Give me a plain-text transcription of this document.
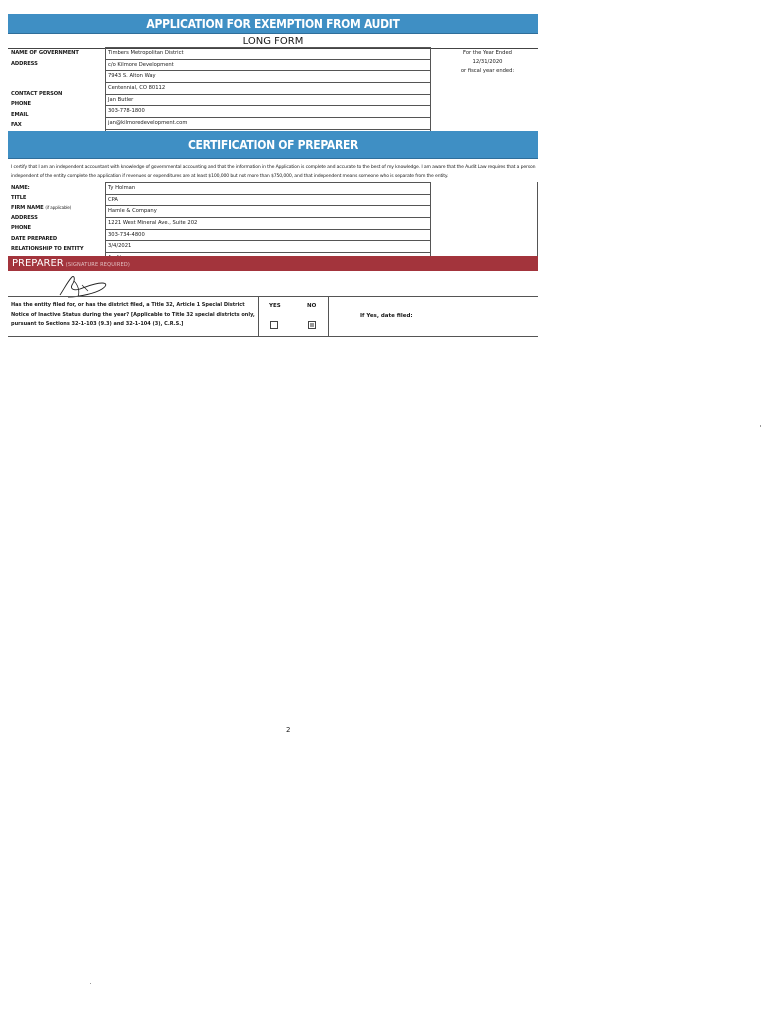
APPLICATION FOR EXEMPTION FROM AUDIT
LONG FORM
NAME OF GOVERNMENT
ADDRESS
CONTACT PERSON
PHONE
EMAIL
FAX
Timbers Metropolitan District
c/o Kilmore Development
7943 S. Alton Way
Centennial, CO 80112
Jan Butler
303-778-1800
jan@kilmoredevelopment.com
For the Year Ended
12/31/2020
or fiscal year ended:
CERTIFICATION OF PREPARER
I certify that I am an independent accountant with knowledge of governmental accounting and that the information in the Application is complete and accurate to the best of my knowledge. I am aware that the Audit Law requires that a person independent of the entity complete the application if revenues or expenditures are at least $100,000 but not more than $750,000, and that independent means someone who is separate from the entity.
NAME:
TITLE
FIRM NAME (if applicable)
ADDRESS
PHONE
DATE PREPARED
RELATIONSHIP TO ENTITY
Ty Holman
CPA
Hamle & Company
1221 West Mineral Ave., Suite 202
303-734-4800
3/4/2021
PREPARER (SIGNATURE REQUIRED)
Has the entity filed for, or has the district filed, a Title 32, Article 1 Special District Notice of Inactive Status during the year? [Applicable to Title 32 special districts only, pursuant to Sections 32-1-103 (9.3) and 32-1-104 (3), C.R.S.]
YES	NO
If Yes, date filed:
2
